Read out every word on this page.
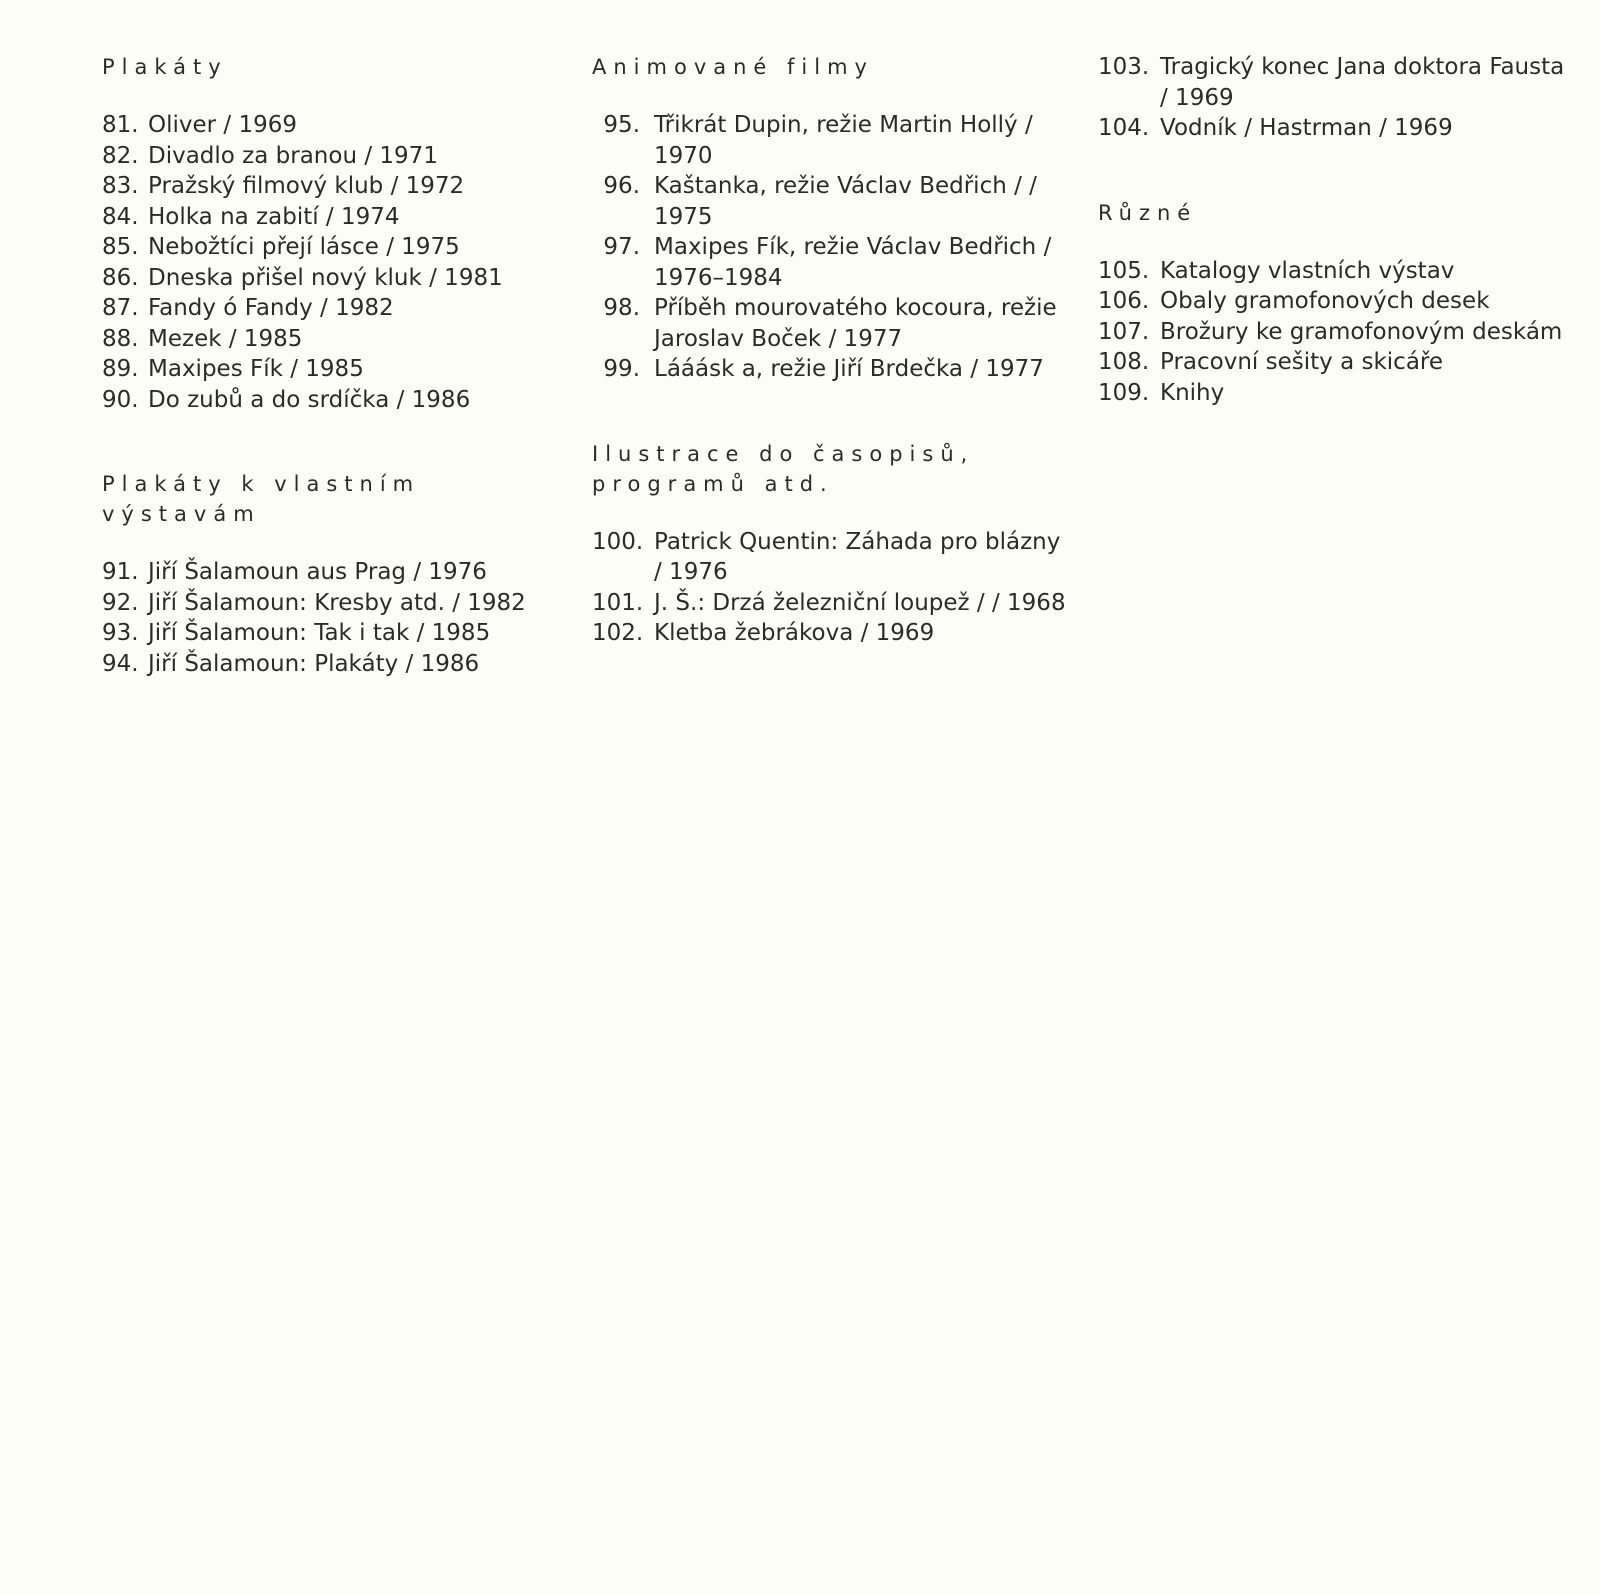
Plakáty
81. Oliver / 1969
82. Divadlo za branou / 1971
83. Pražský filmový klub / 1972
84. Holka na zabití / 1974
85. Nebožtíci přejí lásce / 1975
86. Dneska přišel nový kluk / 1981
87. Fandy ó Fandy / 1982
88. Mezek / 1985
89. Maxipes Fík / 1985
90. Do zubů a do srdíčka / 1986
Plakáty k vlastním
výstavám
91. Jiří Šalamoun aus Prag / 1976
92. Jiří Šalamoun: Kresby atd. / 1982
93. Jiří Šalamoun: Tak i tak / 1985
94. Jiří Šalamoun: Plakáty / 1986
Animované filmy
95. Třikrát Dupin, režie Martin Hollý / 1970
96. Kaštanka, režie Václav Bedřich / / 1975
97. Maxipes Fík, režie Václav Bedřich / 1976–1984
98. Příběh mourovatého kocoura, režie Jaroslav Boček / 1977
99. Lááásk a, režie Jiří Brdečka / 1977
Ilustrace do časopisů,
programů atd.
100. Patrick Quentin: Záhada pro blázny / 1976
101. J. Š.: Drzá železniční loupež / / 1968
102. Kletba žebrákova / 1969
103. Tragický konec Jana doktora Fausta / 1969
104. Vodník / Hastrman / 1969
Různé
105. Katalogy vlastních výstav
106. Obaly gramofonových desek
107. Brožury ke gramofonovým deskám
108. Pracovní sešity a skicáře
109. Knihy
